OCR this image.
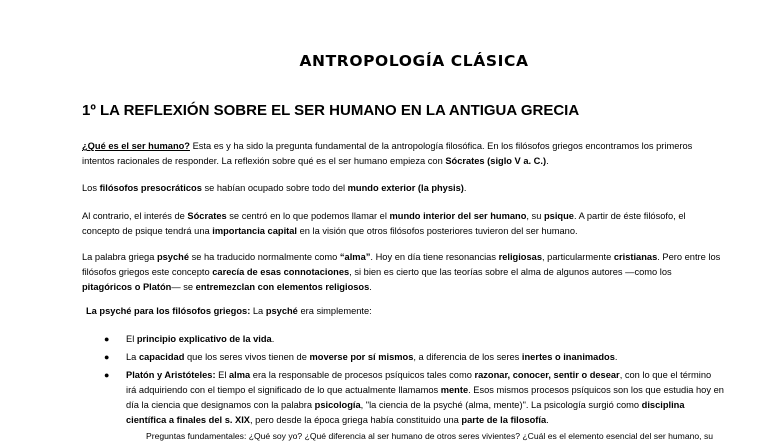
ANTROPOLOGÍA CLÁSICA
1º LA REFLEXIÓN SOBRE EL SER HUMANO EN LA ANTIGUA GRECIA
¿Qué es el ser humano? Esta es y ha sido la pregunta fundamental de la antropología filosófica. En los filósofos griegos encontramos los primeros intentos racionales de responder. La reflexión sobre qué es el ser humano empieza con Sócrates (siglo V a. C.).
Los filósofos presocráticos se habían ocupado sobre todo del mundo exterior (la physis).
Al contrario, el interés de Sócrates se centró en lo que podemos llamar el mundo interior del ser humano, su psique. A partir de éste filósofo, el concepto de psique tendrá una importancia capital en la visión que otros filósofos posteriores tuvieron del ser humano.
La palabra griega psyché se ha traducido normalmente como “alma”. Hoy en día tiene resonancias religiosas, particularmente cristianas. Pero entre los filósofos griegos este concepto carecía de esas connotaciones, si bien es cierto que las teorías sobre el alma de algunos autores —como los pitagóricos o Platón— se entremezclan con elementos religiosos.
La psyché para los filósofos griegos: La psyché era simplemente:
● El principio explicativo de la vida.
● La capacidad que los seres vivos tienen de moverse por sí mismos, a diferencia de los seres inertes o inanimados.
● Platón y Aristóteles: El alma era la responsable de procesos psíquicos tales como razonar, conocer, sentir o desear, con lo que el término irá adquiriendo con el tiempo el significado de lo que actualmente llamamos mente. Esos mismos procesos psíquicos son los que estudia hoy en día la ciencia que designamos con la palabra psicología, "la ciencia de la psyché (alma, mente)". La psicología surgió como disciplina científica a finales del s. XIX, pero desde la época griega había constituido una parte de la filosofía.
Preguntas fundamentales: ¿Qué soy yo? ¿Qué diferencia al ser humano de otros seres vivientes? ¿Cuál es el elemento esencial del ser humano, su
